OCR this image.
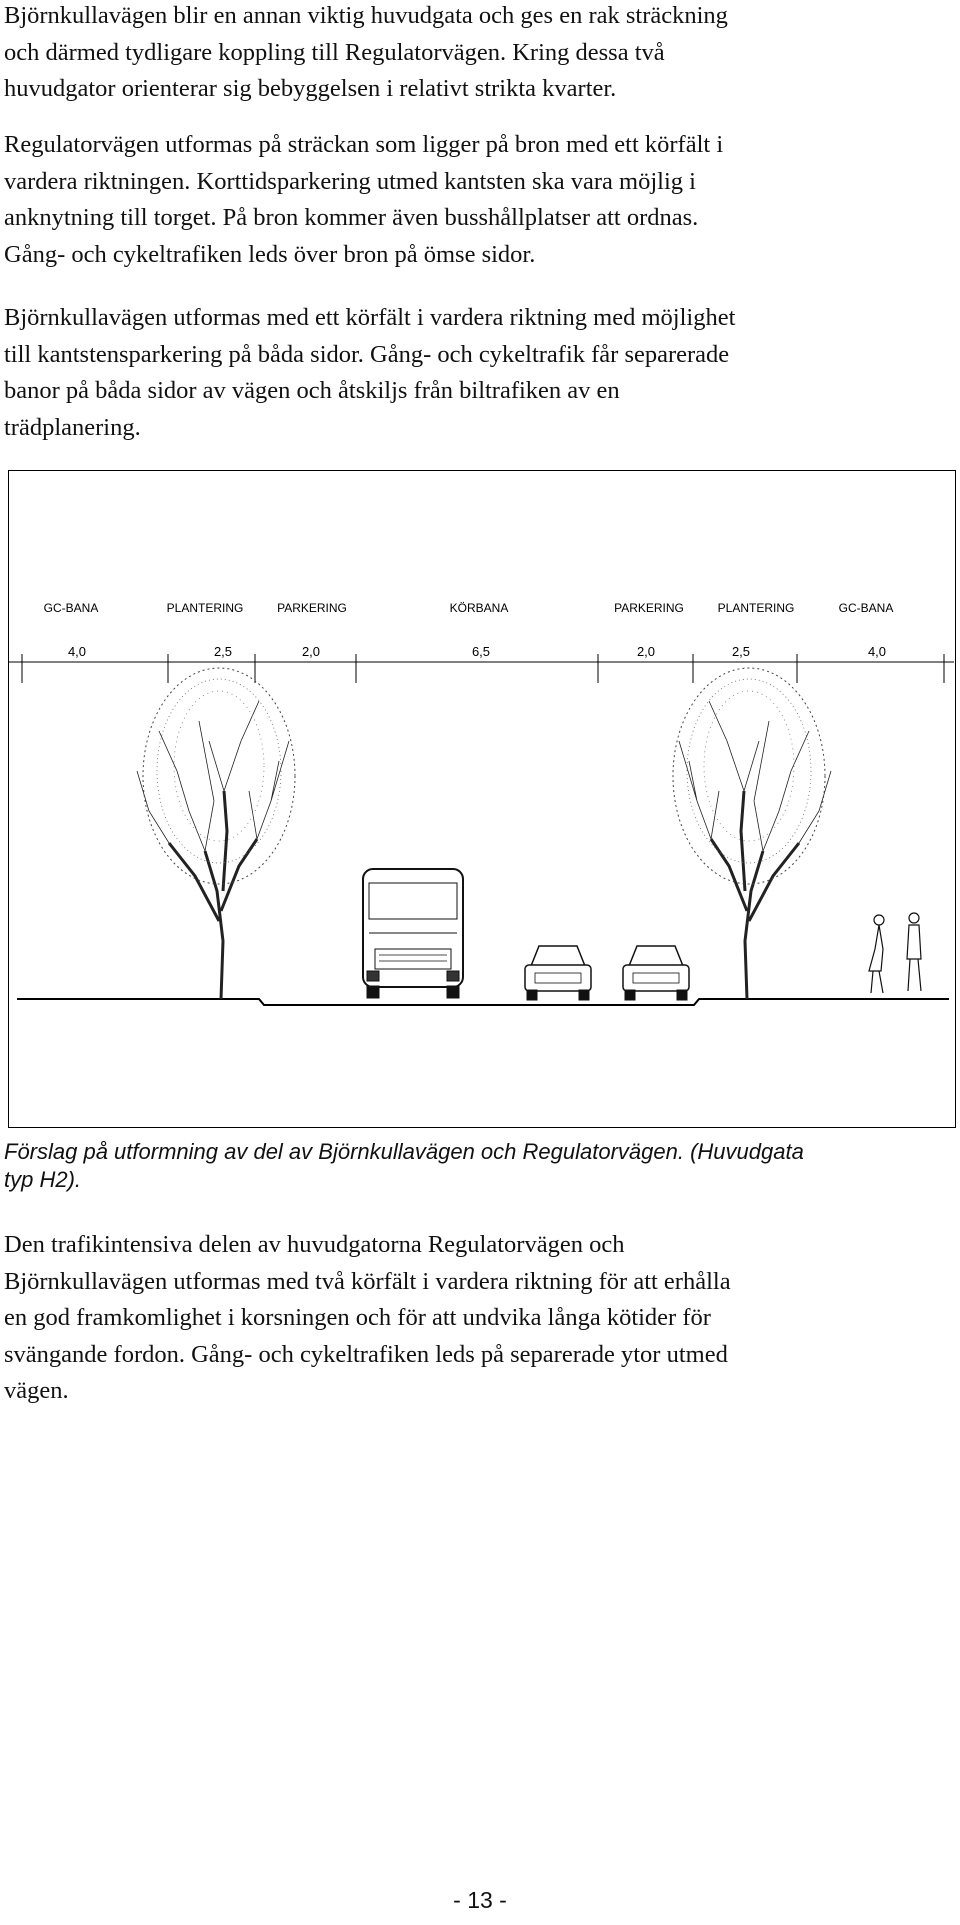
Björnkullavägen blir en annan viktig huvudgata och ges en rak sträckning
och därmed tydligare koppling till Regulatorvägen. Kring dessa två
huvudgator orienterar sig bebyggelsen i relativt strikta kvarter.
Regulatorvägen utformas på sträckan som ligger på bron med ett körfält i
vardera riktningen. Korttidsparkering utmed kantsten ska vara möjlig i
anknytning till torget. På bron kommer även busshållplatser att ordnas.
Gång- och cykeltrafiken leds över bron på ömse sidor.
Björnkullavägen utformas med ett körfält i vardera riktning med möjlighet
till kantstensparkering på båda sidor. Gång- och cykeltrafik får separerade
banor på båda sidor av vägen och åtskiljs från biltrafiken av en
trädplanering.
GC-BANA	PLANTERING	PARKERING	KÖRBANA	PARKERING	PLANTERING	GC-BANA
4,0	2,5	2,0	6,5	2,0	2,5	4,0
Förslag på utformning av del av Björnkullavägen och Regulatorvägen. (Huvudgata
typ H2).
Den trafikintensiva delen av huvudgatorna Regulatorvägen och
Björnkullavägen utformas med två körfält i vardera riktning för att erhålla
en god framkomlighet i korsningen och för att undvika långa kötider för
svängande fordon. Gång- och cykeltrafiken leds på separerade ytor utmed
vägen.
- 13 -
